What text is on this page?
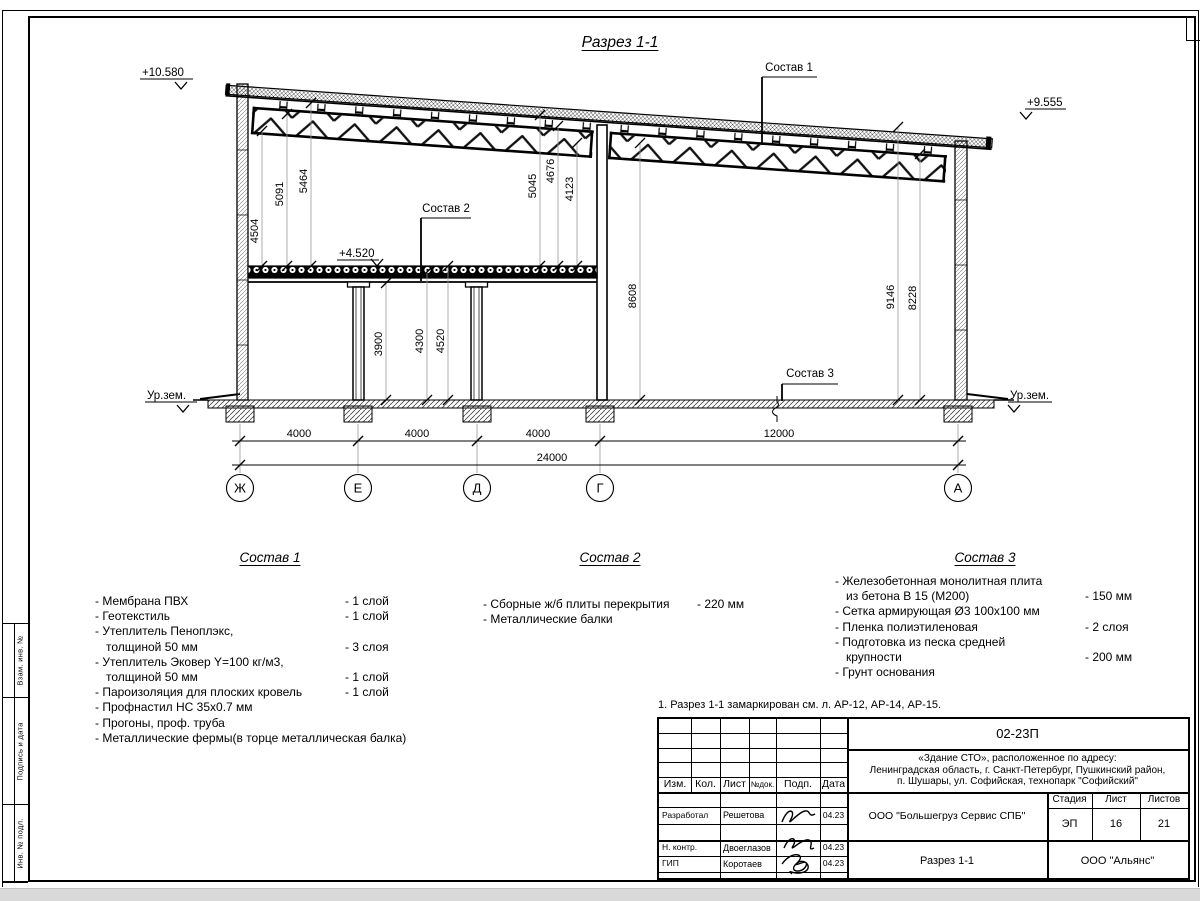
Взам. инв. №
Подпись и дата
Инв. № подл.
Разрез 1-1
4504
5091
5464	5045
4676
4123
3900	4300 4520
8608	9146 8228
4000	4000	4000	12000
24000
Ж	Е	Д	Г	А
+10.580
+9.555
+4.520
Ур.зем.	Ур.зем.
Состав 1
Состав 2
Состав 3
Состав 1
- Мембрана ПВХ	- 1 слой
- Геотекстиль	- 1 слой
- Утеплитель Пеноплэкс,
толщиной 50 мм	- 3 слоя
- Утеплитель Эковер Y=100 кг/м3,
толщиной 50 мм	- 1 слой
- Пароизоляция для плоских кровель	- 1 слой
- Профнастил НС 35х0.7 мм
- Прогоны, проф. труба
- Металлические фермы(в торце металлическая балка)
Состав 2
- Сборные ж/б плиты перекрытия - 220 мм
- Металлические балки
Состав 3
- Железобетонная монолитная плита
из бетона В 15 (М200)	- 150 мм
- Сетка армирующая Ø3 100х100 мм
- Пленка полиэтиленовая	- 2 слоя
- Подготовка из песка средней
крупности	- 200 мм
- Грунт основания
1. Разрез 1-1 замаркирован см. л. АР-12, АР-14, АР-15.
Изм. Кол. Лист №док. Подп. Дата
Разработал	Решетова	04.23
Н. контр.	Двоеглазов	04.23
ГИП	Коротаев	04.23
02-23П
«Здание СТО», расположенное по адресу:
Ленинградская область, г. Санкт-Петербург, Пушкинский район,
п. Шушары, ул. Софийская, технопарк "Софийский"
ООО "Большегруз Сервис СПБ"
Стадия	Лист	Листов
ЭП	16	21
Разрез 1-1	ООО "Альянс"
